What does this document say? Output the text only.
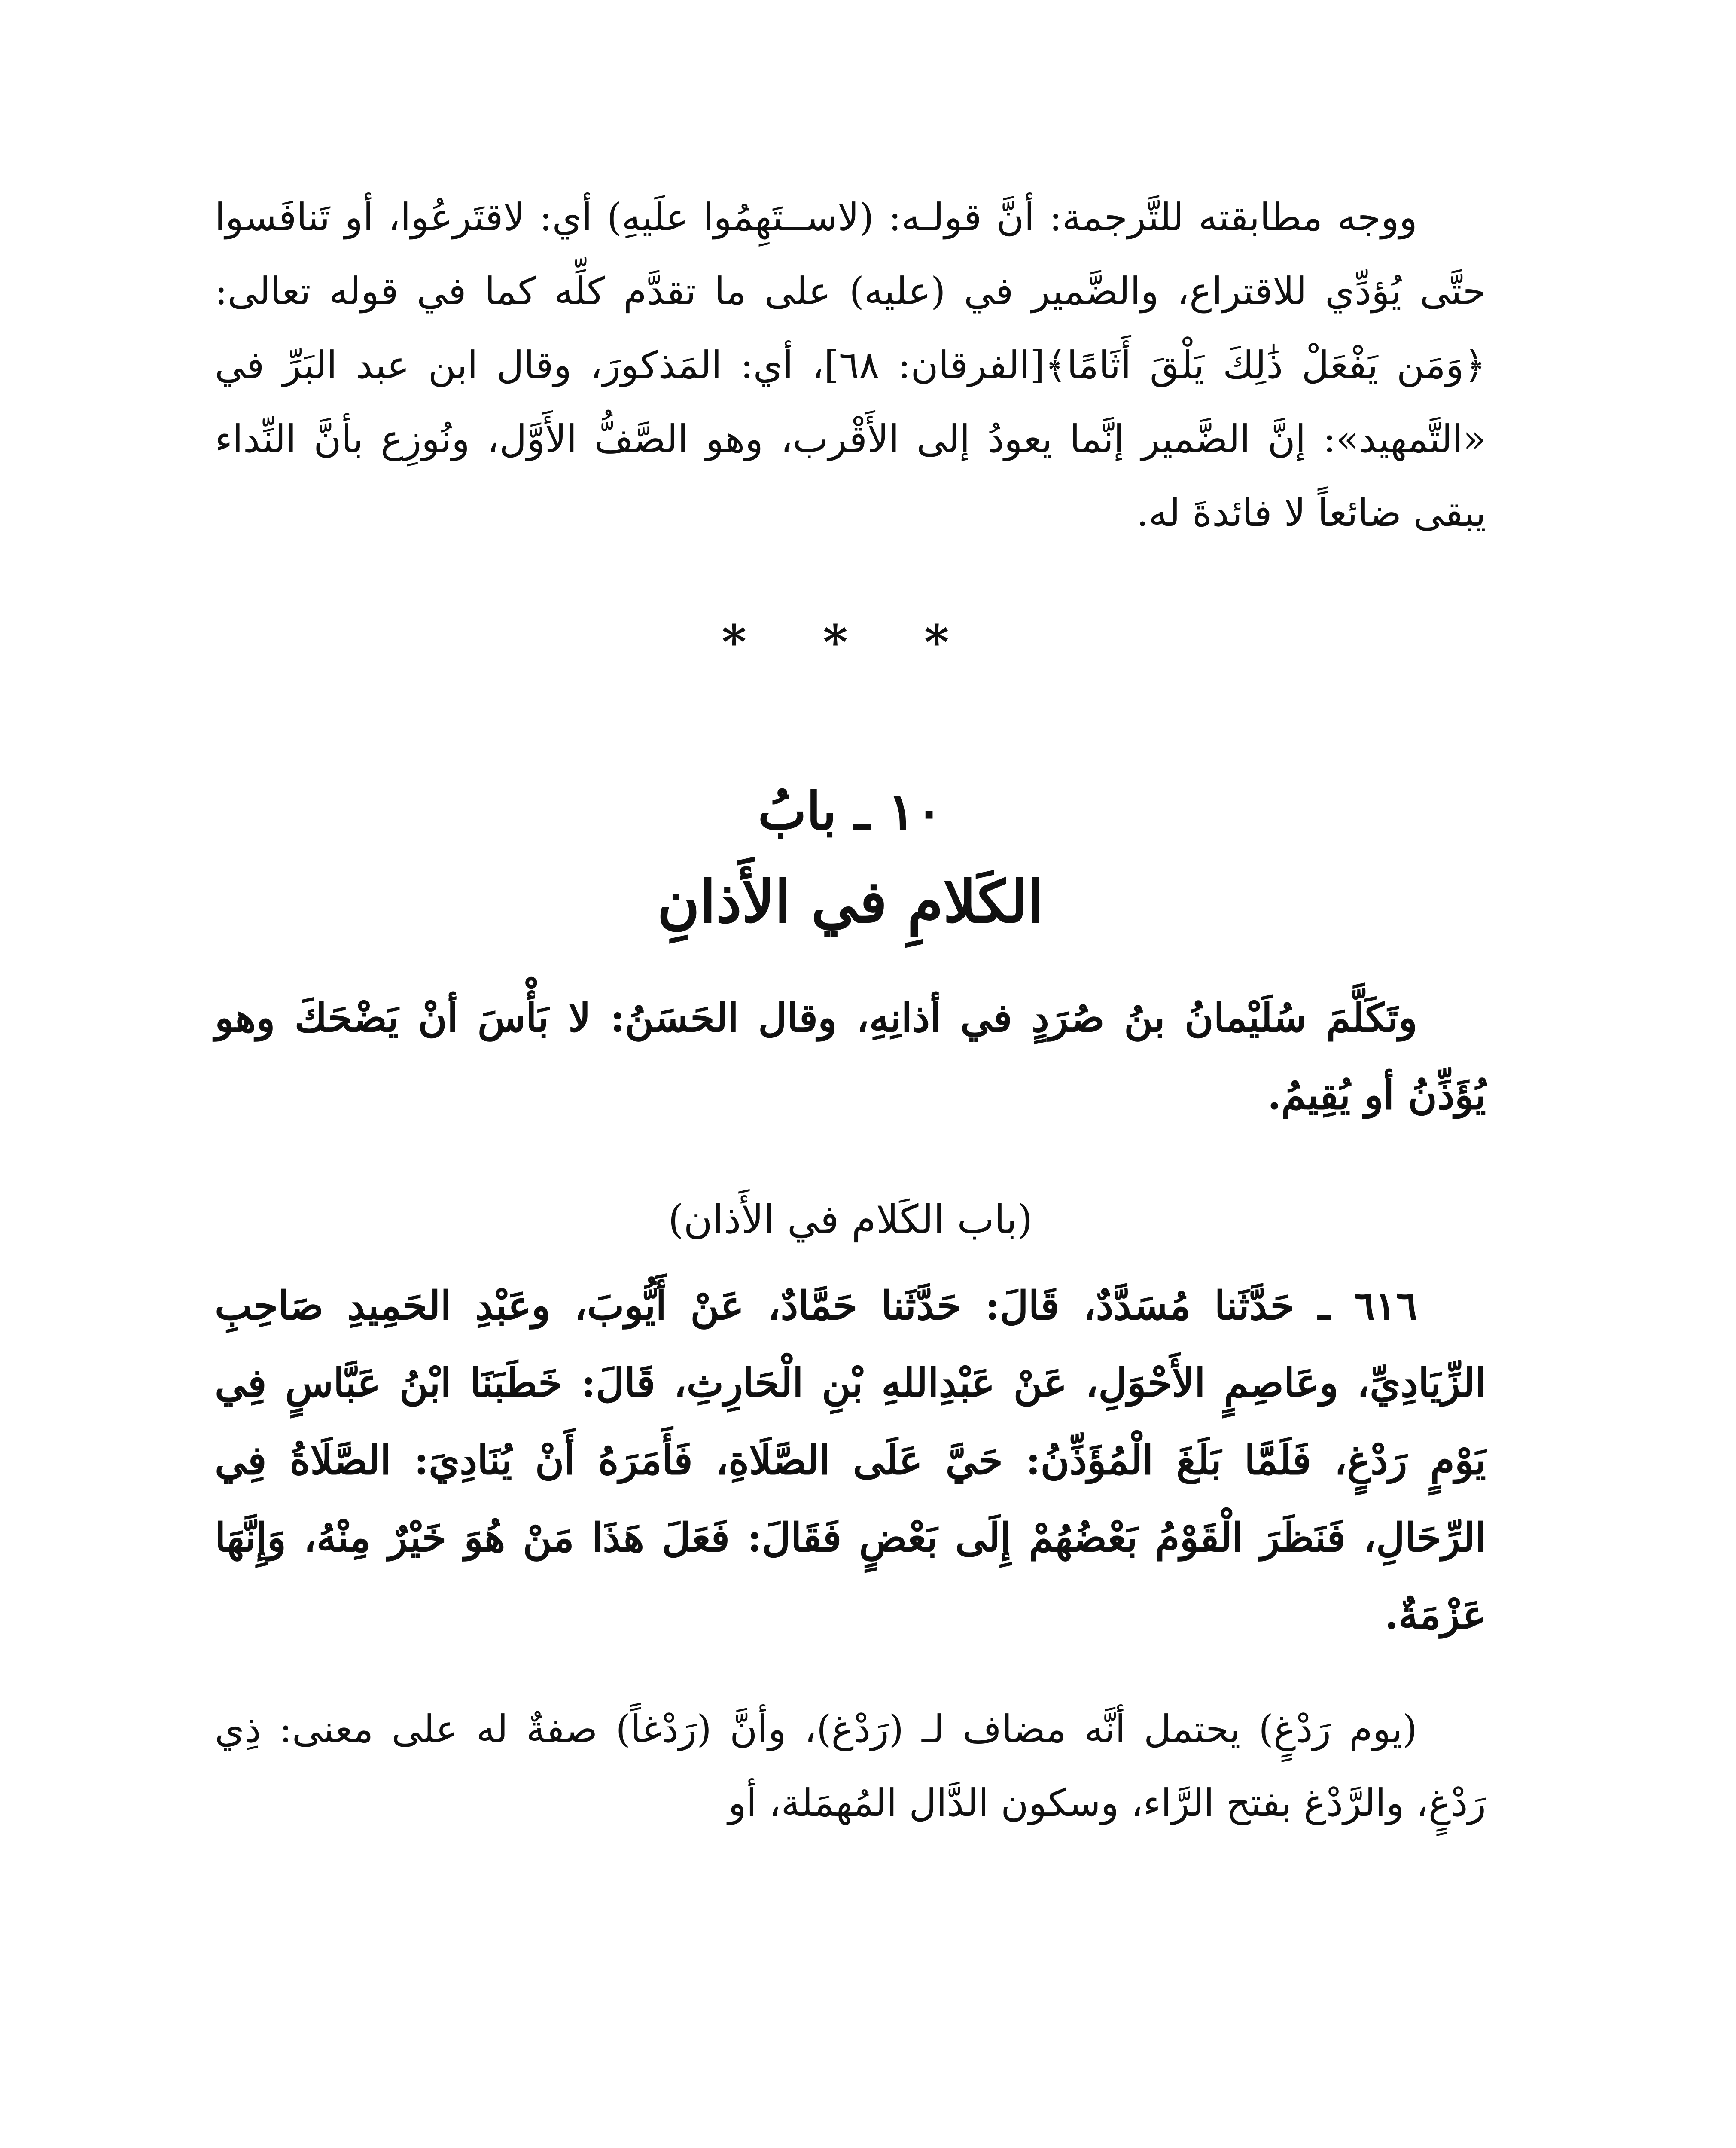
ووجه مطابقته للتَّرجمة: أنَّ قولـه: (لاســتَهِمُوا علَيهِ) أي: لاقتَرعُوا، أو تَنافَسوا حتَّى يُؤدِّي للاقتراع، والضَّمير في (عليه) على ما تقدَّم كلِّه كما في قوله تعالى: ﴿وَمَن يَفْعَلْ ذَٰلِكَ يَلْقَ أَثَامًا﴾[الفرقان: ٦٨]، أي: المَذكورَ، وقال ابن عبد البَرِّ في «التَّمهيد»: إنَّ الضَّمير إنَّما يعودُ إلى الأَقْرب، وهو الصَّفُّ الأَوَّل، ونُوزِع بأنَّ النِّداء يبقى ضائعاً لا فائدةَ له.

* * *
١٠ ـ بابُ
الكَلامِ في الأَذانِ

وتَكَلَّمَ سُلَيْمانُ بنُ صُرَدٍ في أذانِهِ، وقال الحَسَنُ: لا بَأْسَ أنْ يَضْحَكَ وهو يُؤَذِّنُ أو يُقِيمُ.

(باب الكَلام في الأَذان)

٦١٦ ـ حَدَّثَنا مُسَدَّدٌ، قَالَ: حَدَّثَنا حَمَّادٌ، عَنْ أَيُّوبَ، وعَبْدِ الحَمِيدِ صَاحِبِ الزِّيَادِيِّ، وعَاصِمٍ الأَحْوَلِ، عَنْ عَبْدِاللهِ بْنِ الْحَارِثِ، قَالَ: خَطَبَنَا ابْنُ عَبَّاسٍ فِي يَوْمٍ رَدْغٍ، فَلَمَّا بَلَغَ الْمُؤَذِّنُ: حَيَّ عَلَى الصَّلَاةِ، فَأَمَرَهُ أَنْ يُنَادِيَ: الصَّلَاةُ فِي الرِّحَالِ، فَنَظَرَ الْقَوْمُ بَعْضُهُمْ إِلَى بَعْضٍ فَقَالَ: فَعَلَ هَذَا مَنْ هُوَ خَيْرٌ مِنْهُ، وَإِنَّهَا عَزْمَةٌ.

(يوم رَدْغٍ) يحتمل أنَّه مضاف لـ (رَدْغ)، وأنَّ (رَدْغاً) صفةٌ له على معنى: ذِي رَدْغٍ، والرَّدْغ بفتح الرَّاء، وسكون الدَّال المُهمَلة، أو
